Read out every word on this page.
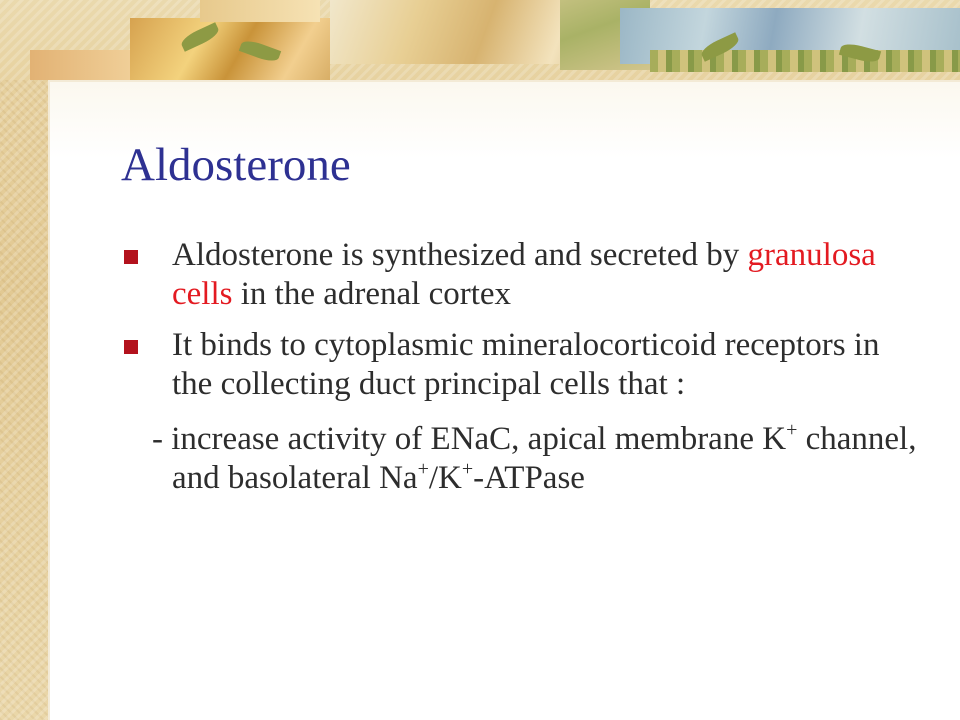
Aldosterone
Aldosterone is synthesized and secreted by granulosa cells in the adrenal cortex
It binds to cytoplasmic mineralocorticoid receptors in the collecting duct principal cells that :
- increase activity of ENaC, apical membrane K+ channel, and basolateral Na+/K+-ATPase
